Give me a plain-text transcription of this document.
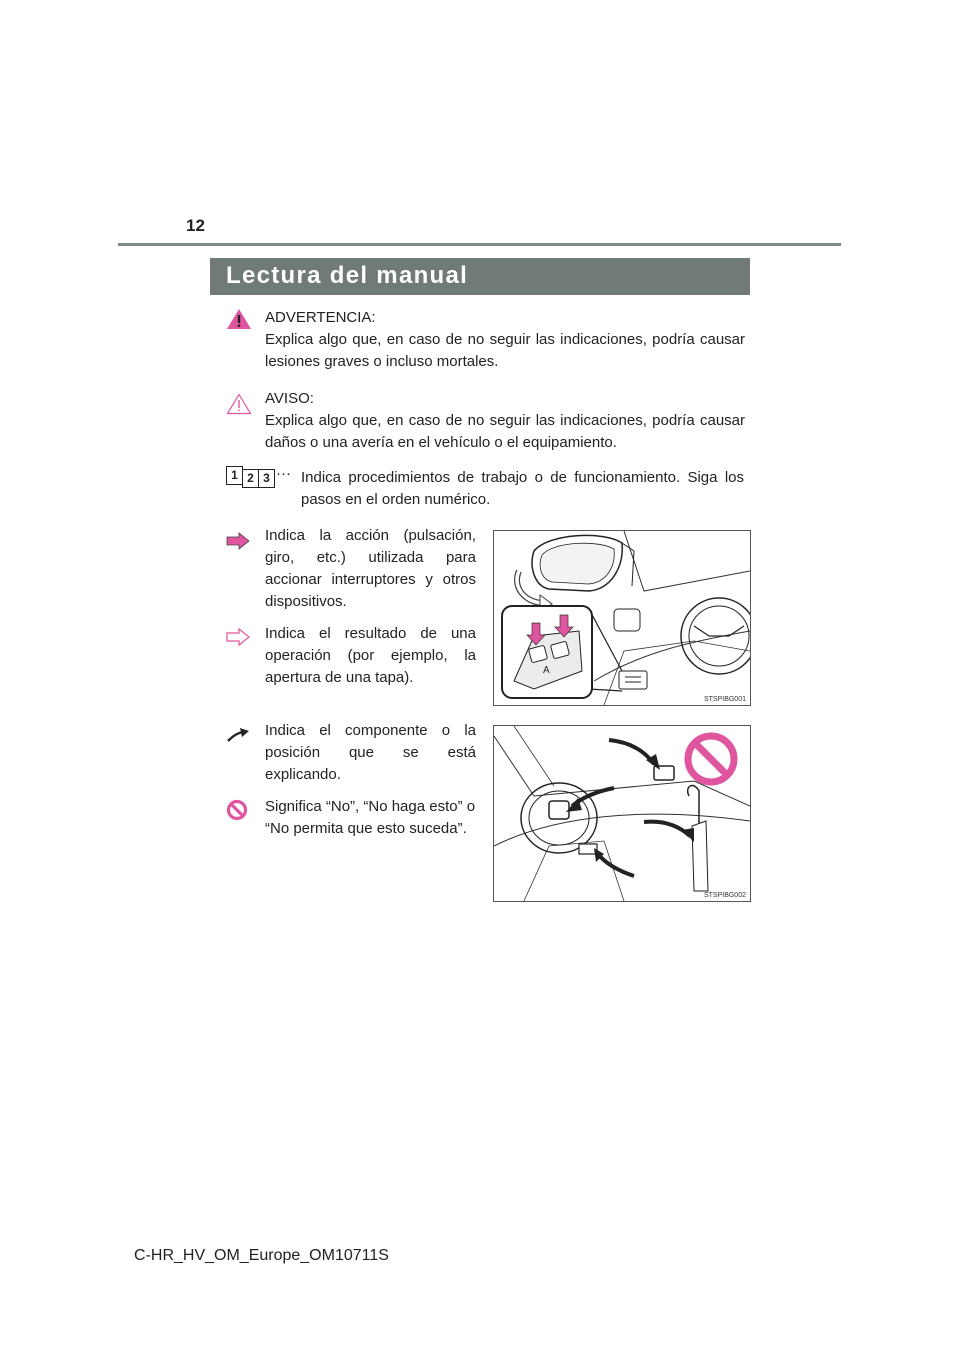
12
Lectura del manual
ADVERTENCIA:
Explica algo que, en caso de no seguir las indicaciones, podría causar
lesiones graves o incluso mortales.
AVISO:
Explica algo que, en caso de no seguir las indicaciones, podría causar
daños o una avería en el vehículo o el equipamiento.
1 2 3 ··· Indica procedimientos de trabajo o de funcionamiento. Siga los
pasos en el orden numérico.
Indica la acción (pulsación,
giro, etc.) utilizada para
accionar interruptores y otros
dispositivos.
Indica el resultado de una
operación (por ejemplo, la
apertura de una tapa).	A
STSPIBG001
Indica el componente o la
posición que se está
explicando.
Significa “No”, “No haga esto” o
“No permita que esto suceda”.
STSPIBG002
C-HR_HV_OM_Europe_OM10711S
